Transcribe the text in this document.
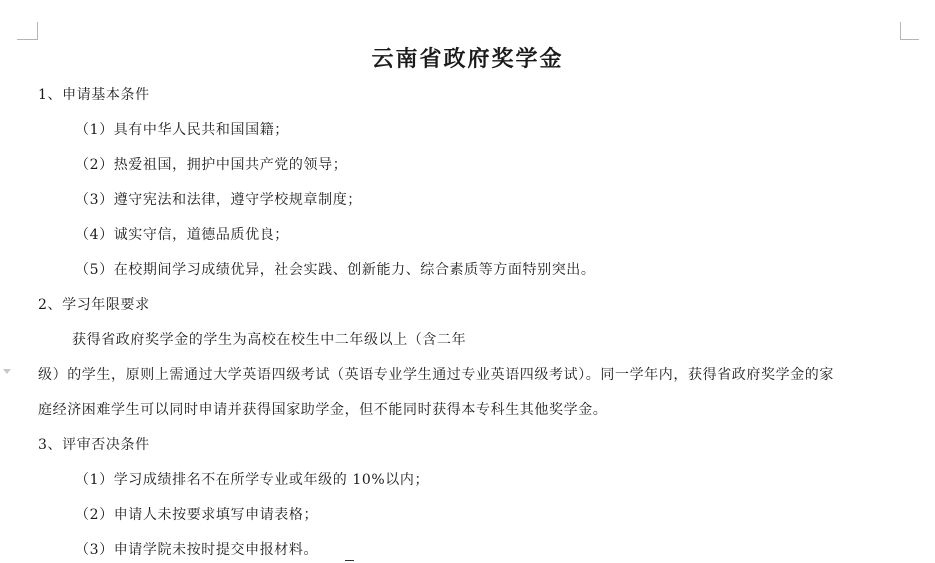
云南省政府奖学金
1、申请基本条件
（1）具有中华人民共和国国籍；
（2）热爱祖国，拥护中国共产党的领导；
（3）遵守宪法和法律，遵守学校规章制度；
（4）诚实守信，道德品质优良；
（5）在校期间学习成绩优异，社会实践、创新能力、综合素质等方面特别突出。
2、学习年限要求
获得省政府奖学金的学生为高校在校生中二年级以上（含二年
级）的学生，原则上需通过大学英语四级考试（英语专业学生通过专业英语四级考试）。同一学年内，获得省政府奖学金的家
庭经济困难学生可以同时申请并获得国家助学金，但不能同时获得本专科生其他奖学金。
3、评审否决条件
（1）学习成绩排名不在所学专业或年级的 10%以内；
（2）申请人未按要求填写申请表格；
（3）申请学院未按时提交申报材料。
